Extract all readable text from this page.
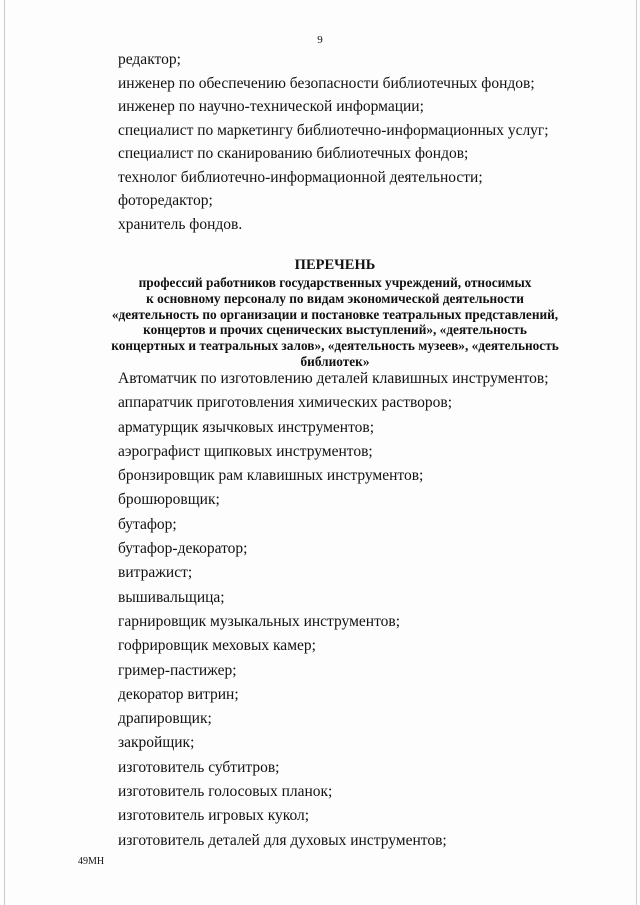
9
редактор;
инженер по обеспечению безопасности библиотечных фондов;
инженер по научно-технической информации;
специалист по маркетингу библиотечно-информационных услуг;
специалист по сканированию библиотечных фондов;
технолог библиотечно-информационной деятельности;
фоторедактор;
хранитель фондов.
ПЕРЕЧЕНЬ
профессий работников государственных учреждений, относимых
к основному персоналу по видам экономической деятельности
«деятельность по организации и постановке театральных представлений,
концертов и прочих сценических выступлений», «деятельность
концертных и театральных залов», «деятельность музеев», «деятельность
библиотек»
Автоматчик по изготовлению деталей клавишных инструментов;
аппаратчик приготовления химических растворов;
арматурщик язычковых инструментов;
аэрографист щипковых инструментов;
бронзировщик рам клавишных инструментов;
брошюровщик;
бутафор;
бутафор-декоратор;
витражист;
вышивальщица;
гарнировщик музыкальных инструментов;
гофрировщик меховых камер;
гример-пастижер;
декоратор витрин;
драпировщик;
закройщик;
изготовитель субтитров;
изготовитель голосовых планок;
изготовитель игровых кукол;
изготовитель деталей для духовых инструментов;
49МН
